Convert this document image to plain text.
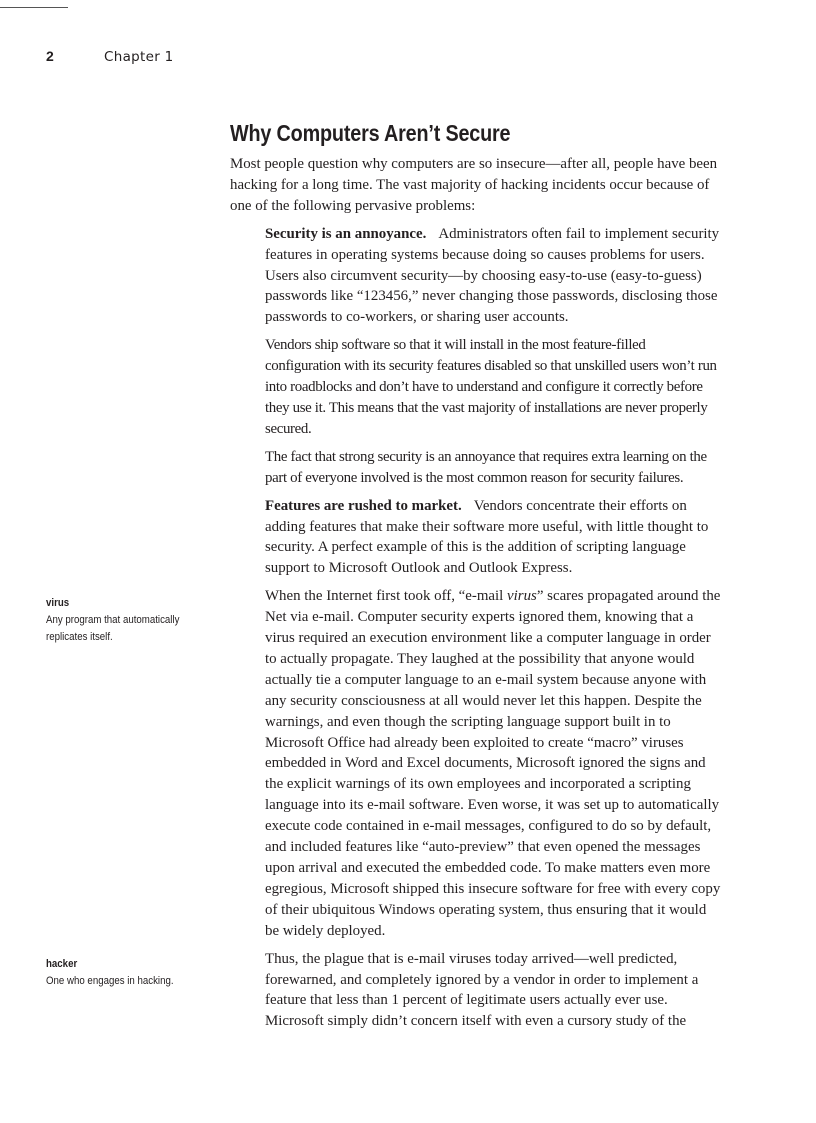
2	Chapter 1
virus
Any program that automatically
replicates itself.
hacker
One who engages in hacking.
Why Computers Aren’t Secure

Most people question why computers are so insecure—after all, people have been hacking for a long time. The vast majority of hacking incidents occur because of one of the following pervasive problems:

Security is an annoyance. Administrators often fail to implement security features in operating systems because doing so causes problems for users. Users also circumvent security—by choosing easy-to-use (easy-to-guess) passwords like “123456,” never changing those passwords, disclosing those passwords to co-workers, or sharing user accounts.

Vendors ship software so that it will install in the most feature-filled configuration with its security features disabled so that unskilled users won’t run into roadblocks and don’t have to understand and configure it correctly before they use it. This means that the vast majority of installations are never properly secured.

The fact that strong security is an annoyance that requires extra learning on the part of everyone involved is the most common reason for security failures.

Features are rushed to market. Vendors concentrate their efforts on adding features that make their software more useful, with little thought to security. A perfect example of this is the addition of scripting language support to Microsoft Outlook and Outlook Express.

When the Internet first took off, “e-mail virus” scares propagated around the Net via e-mail. Computer security experts ignored them, knowing that a virus required an execution environment like a computer language in order to actually propagate. They laughed at the possibility that anyone would actually tie a computer language to an e-mail system because anyone with any security consciousness at all would never let this happen. Despite the warnings, and even though the scripting language support built in to Microsoft Office had already been exploited to create “macro” viruses embedded in Word and Excel documents, Microsoft ignored the signs and the explicit warnings of its own employees and incorporated a scripting language into its e-mail software. Even worse, it was set up to automatically execute code contained in e-mail messages, configured to do so by default, and included features like “auto-preview” that even opened the messages upon arrival and executed the embedded code. To make matters even more egregious, Microsoft shipped this insecure software for free with every copy of their ubiquitous Windows operating system, thus ensuring that it would be widely deployed.

Thus, the plague that is e-mail viruses today arrived—well predicted, forewarned, and completely ignored by a vendor in order to implement a feature that less than 1 percent of legitimate users actually ever use. Microsoft simply didn’t concern itself with even a cursory study of the
